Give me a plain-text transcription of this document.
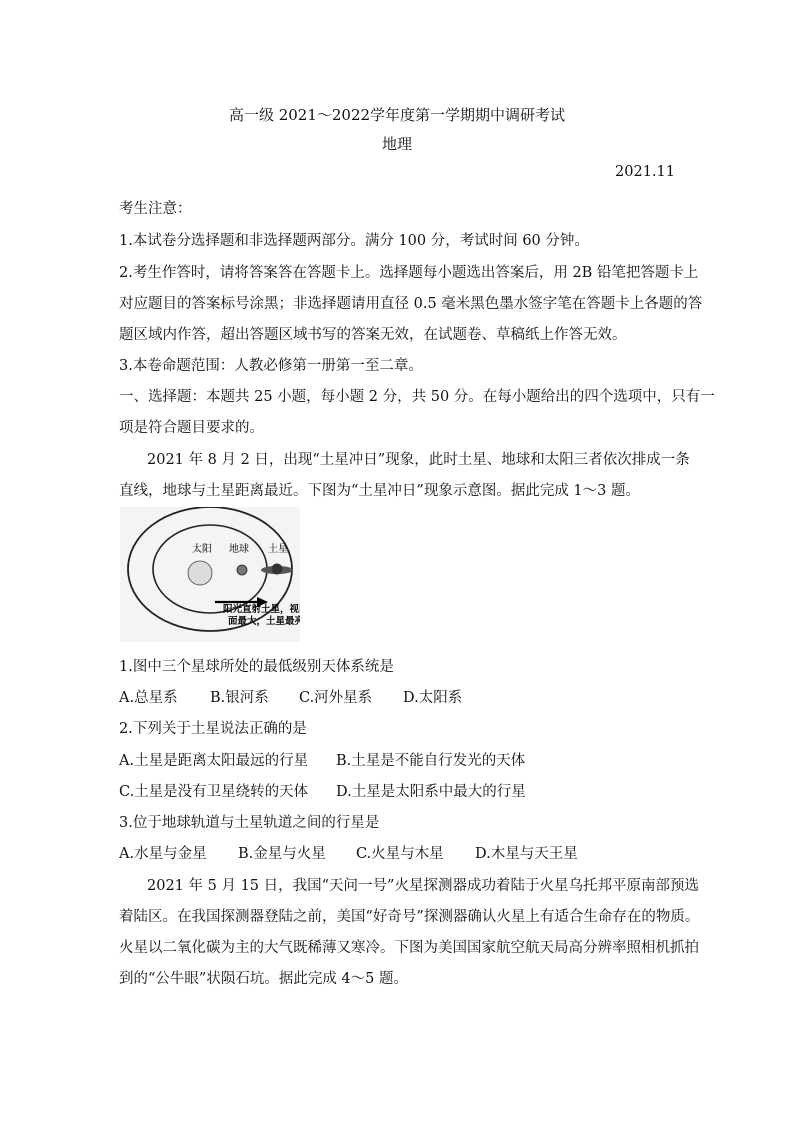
高一级 2021～2022学年度第一学期期中调研考试
地理
2021.11
考生注意：
1.本试卷分选择题和非选择题两部分。满分 100 分，考试时间 60 分钟。
2.考生作答时，请将答案答在答题卡上。选择题每小题选出答案后，用 2B 铅笔把答题卡上
对应题目的答案标号涂黑；非选择题请用直径 0.5 毫米黑色墨水签字笔在答题卡上各题的答
题区域内作答，超出答题区域书写的答案无效，在试题卷、草稿纸上作答无效。
3.本卷命题范围：人教必修第一册第一至二章。
一、选择题：本题共 25 小题，每小题 2 分，共 50 分。在每小题给出的四个选项中，只有一
项是符合题目要求的。
2021 年 8 月 2 日，出现“土星冲日”现象，此时土星、地球和太阳三者依次排成一条
直线，地球与土星距离最近。下图为“土星冲日”现象示意图。据此完成 1～3 题。
太阳 地球 土星
阳光直射土星，视圆
面最大，土星最亮
1.图中三个星球所处的最低级别天体系统是
A.总星系 B.银河系 C.河外星系 D.太阳系
2.下列关于土星说法正确的是
A.土星是距离太阳最远的行星 B.土星是不能自行发光的天体
C.土星是没有卫星绕转的天体 D.土星是太阳系中最大的行星
3.位于地球轨道与土星轨道之间的行星是
A.水星与金星 B.金星与火星 C.火星与木星 D.木星与天王星
2021 年 5 月 15 日，我国“天问一号”火星探测器成功着陆于火星乌托邦平原南部预选
着陆区。在我国探测器登陆之前，美国“好奇号”探测器确认火星上有适合生命存在的物质。
火星以二氧化碳为主的大气既稀薄又寒冷。下图为美国国家航空航天局高分辨率照相机抓拍
到的“公牛眼”状陨石坑。据此完成 4～5 题。
